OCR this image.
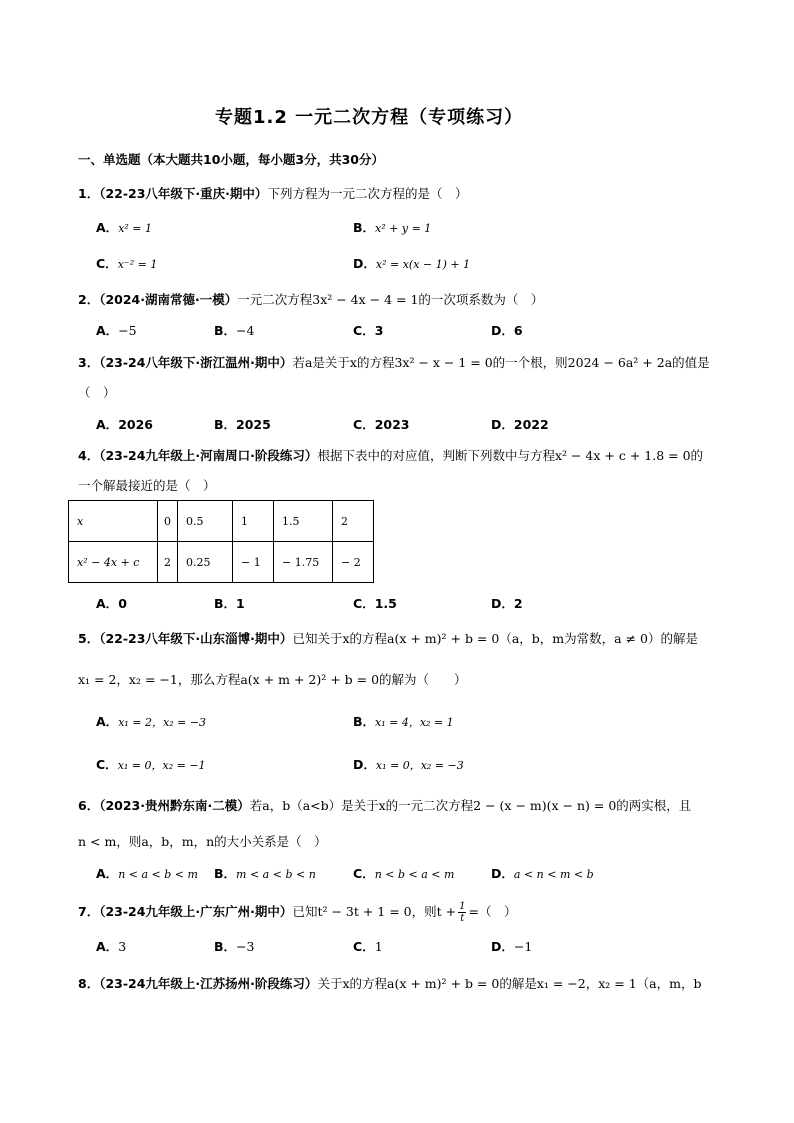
专题1.2 一元二次方程（专项练习）
一、单选题（本大题共10小题，每小题3分，共30分）
1．（22-23八年级下·重庆·期中）下列方程为一元二次方程的是（　）
A．x² = 1	B．x² + y = 1
C．x⁻² = 1	D．x² = x(x − 1) + 1
2．（2024·湖南常德·一模）一元二次方程3x² − 4x − 4 = 1的一次项系数为（　）
A．−5	B．−4	C．3	D．6
3．（23-24八年级下·浙江温州·期中）若a是关于x的方程3x² − x − 1 = 0的一个根，则2024 − 6a² + 2a的值是
（　）
A．2026	B．2025	C．2023	D．2022
4．（23-24九年级上·河南周口·阶段练习）根据下表中的对应值，判断下列数中与方程x² − 4x + c + 1.8 = 0的
一个解最接近的是（　）
x	0	0.5	1	1.5	2
x² − 4x + c	2	0.25	− 1	− 1.75	− 2
A．0	B．1	C．1.5	D．2
5．（22-23八年级下·山东淄博·期中）已知关于x的方程a(x + m)² + b = 0（a，b，m为常数，a ≠ 0）的解是
x₁ = 2，x₂ = −1，那么方程a(x + m + 2)² + b = 0的解为（　　）
A．x₁ = 2，x₂ = −3	B．x₁ = 4，x₂ = 1
C．x₁ = 0，x₂ = −1	D．x₁ = 0，x₂ = −3
6．（2023·贵州黔东南·二模）若a，b（a<b）是关于x的一元二次方程2 − (x − m)(x − n) = 0的两实根，且
n < m，则a，b，m，n的大小关系是（　）
A．n < a < b < m B．m < a < b < n	C．n < b < a < m	D．a < n < m < b
7．（23-24九年级上·广东广州·期中）已知t² − 3t + 1 = 0，则$t + \frac{1}{t}$ =（　）
A．3	B．−3	C．1	D．−1
8．（23-24九年级上·江苏扬州·阶段练习）关于x的方程a(x + m)² + b = 0的解是x₁ = −2，x₂ = 1（a，m，b
